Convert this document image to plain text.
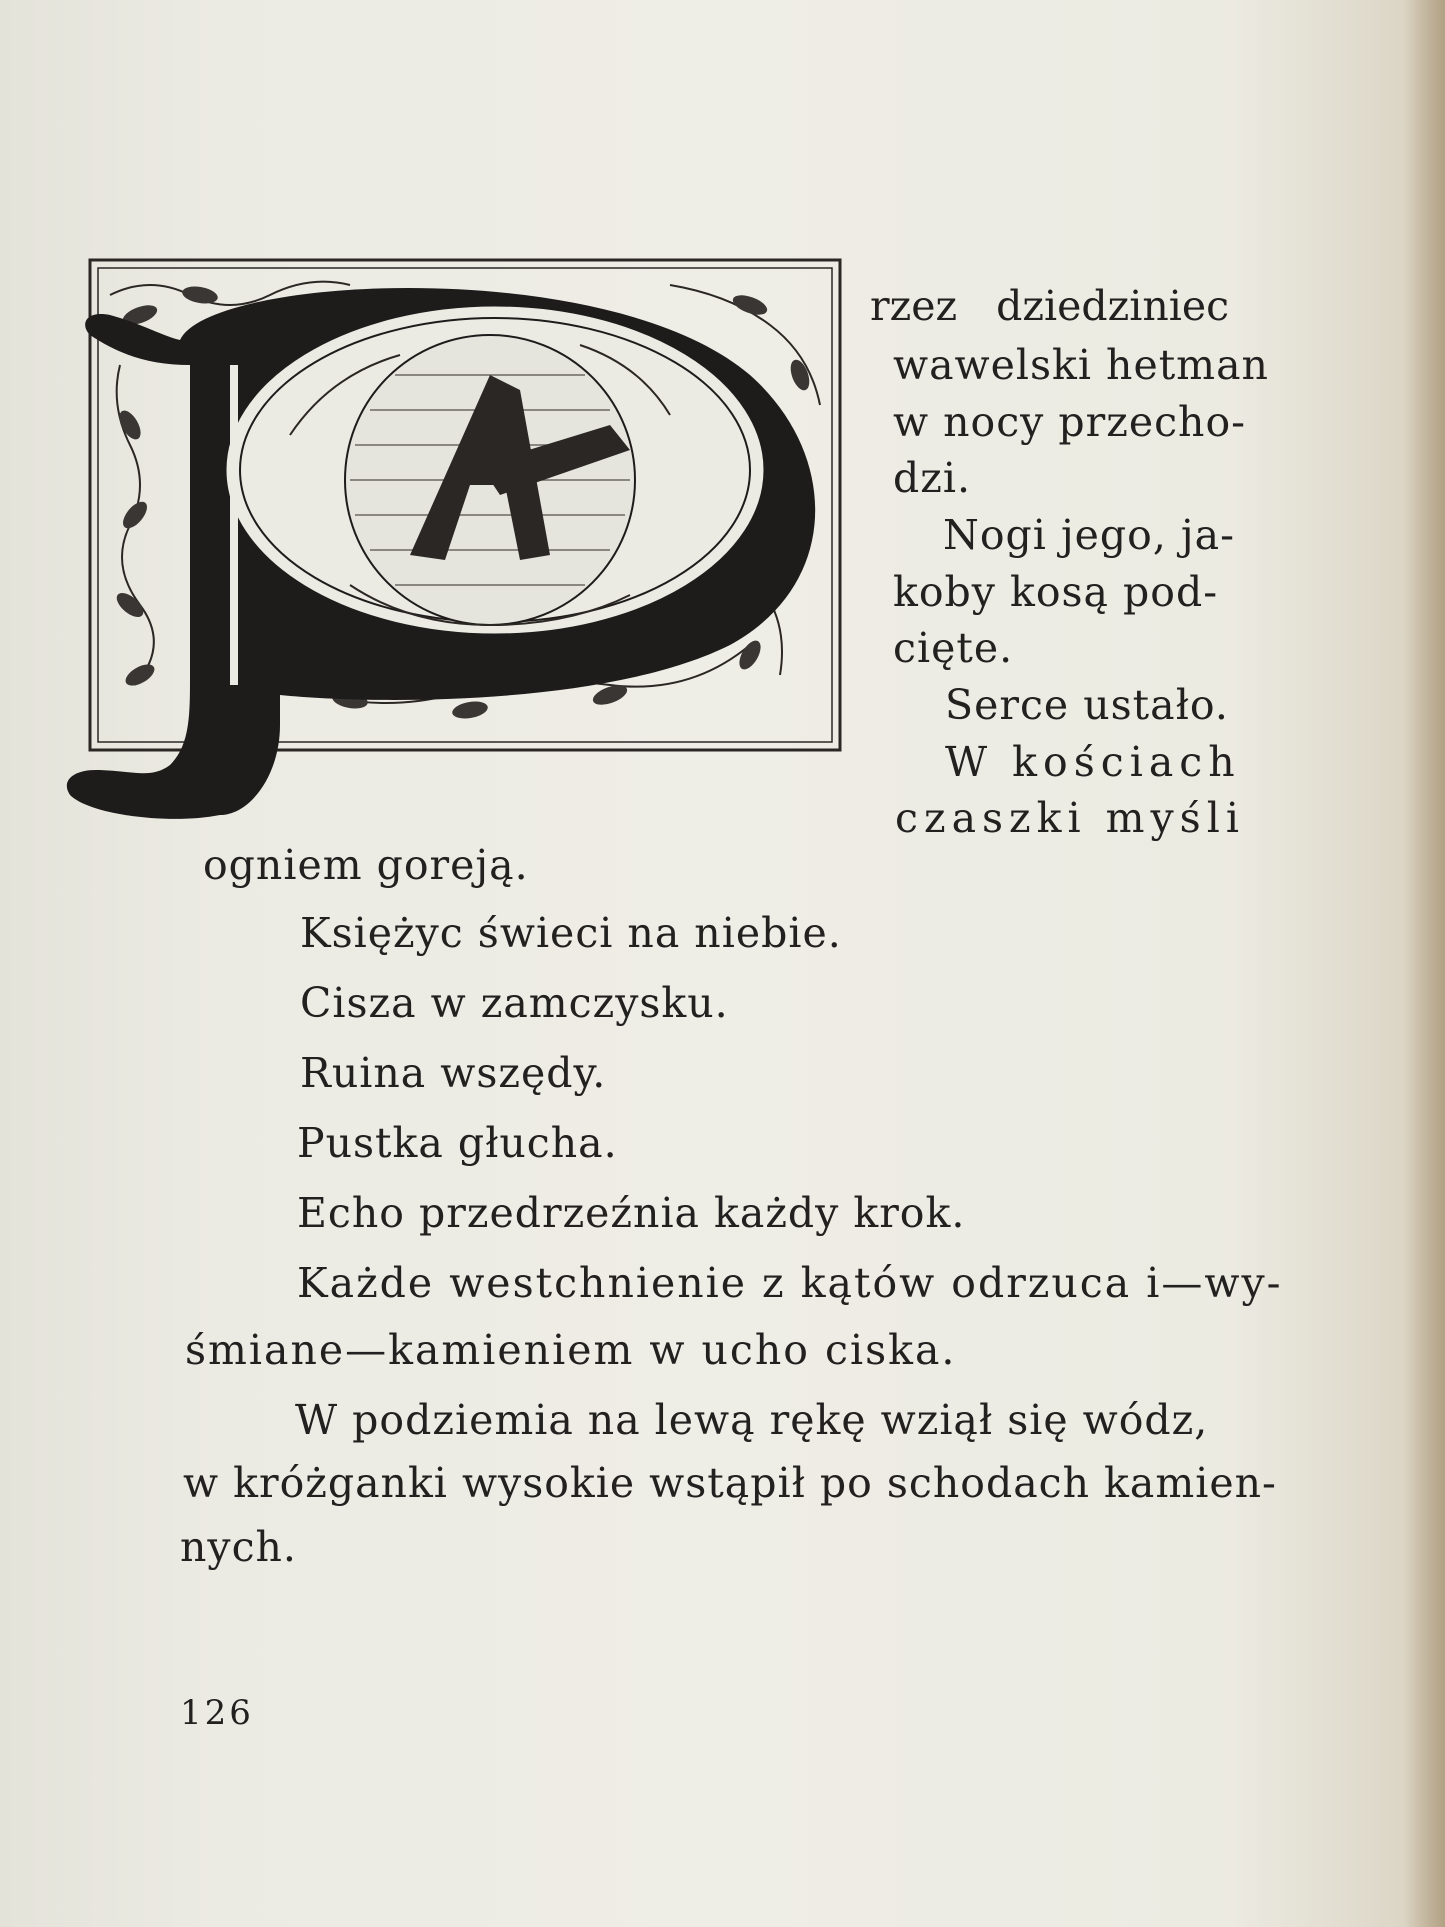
rzez   dziedziniec
wawelski hetman
w nocy przecho-
dzi.
Nogi jego, ja-
koby kosą pod-
cięte.
Serce ustało.
W kościach
czaszki myśli
ogniem goreją.
Księżyc świeci na niebie.
Cisza w zamczysku.
Ruina wszędy.
Pustka głucha.
Echo przedrzeźnia każdy krok.
Każde westchnienie z kątów odrzuca i—wy-
śmiane—kamieniem w ucho ciska.
W podziemia na lewą rękę wziął się wódz,
w króżganki wysokie wstąpił po schodach kamien-
nych.
126
